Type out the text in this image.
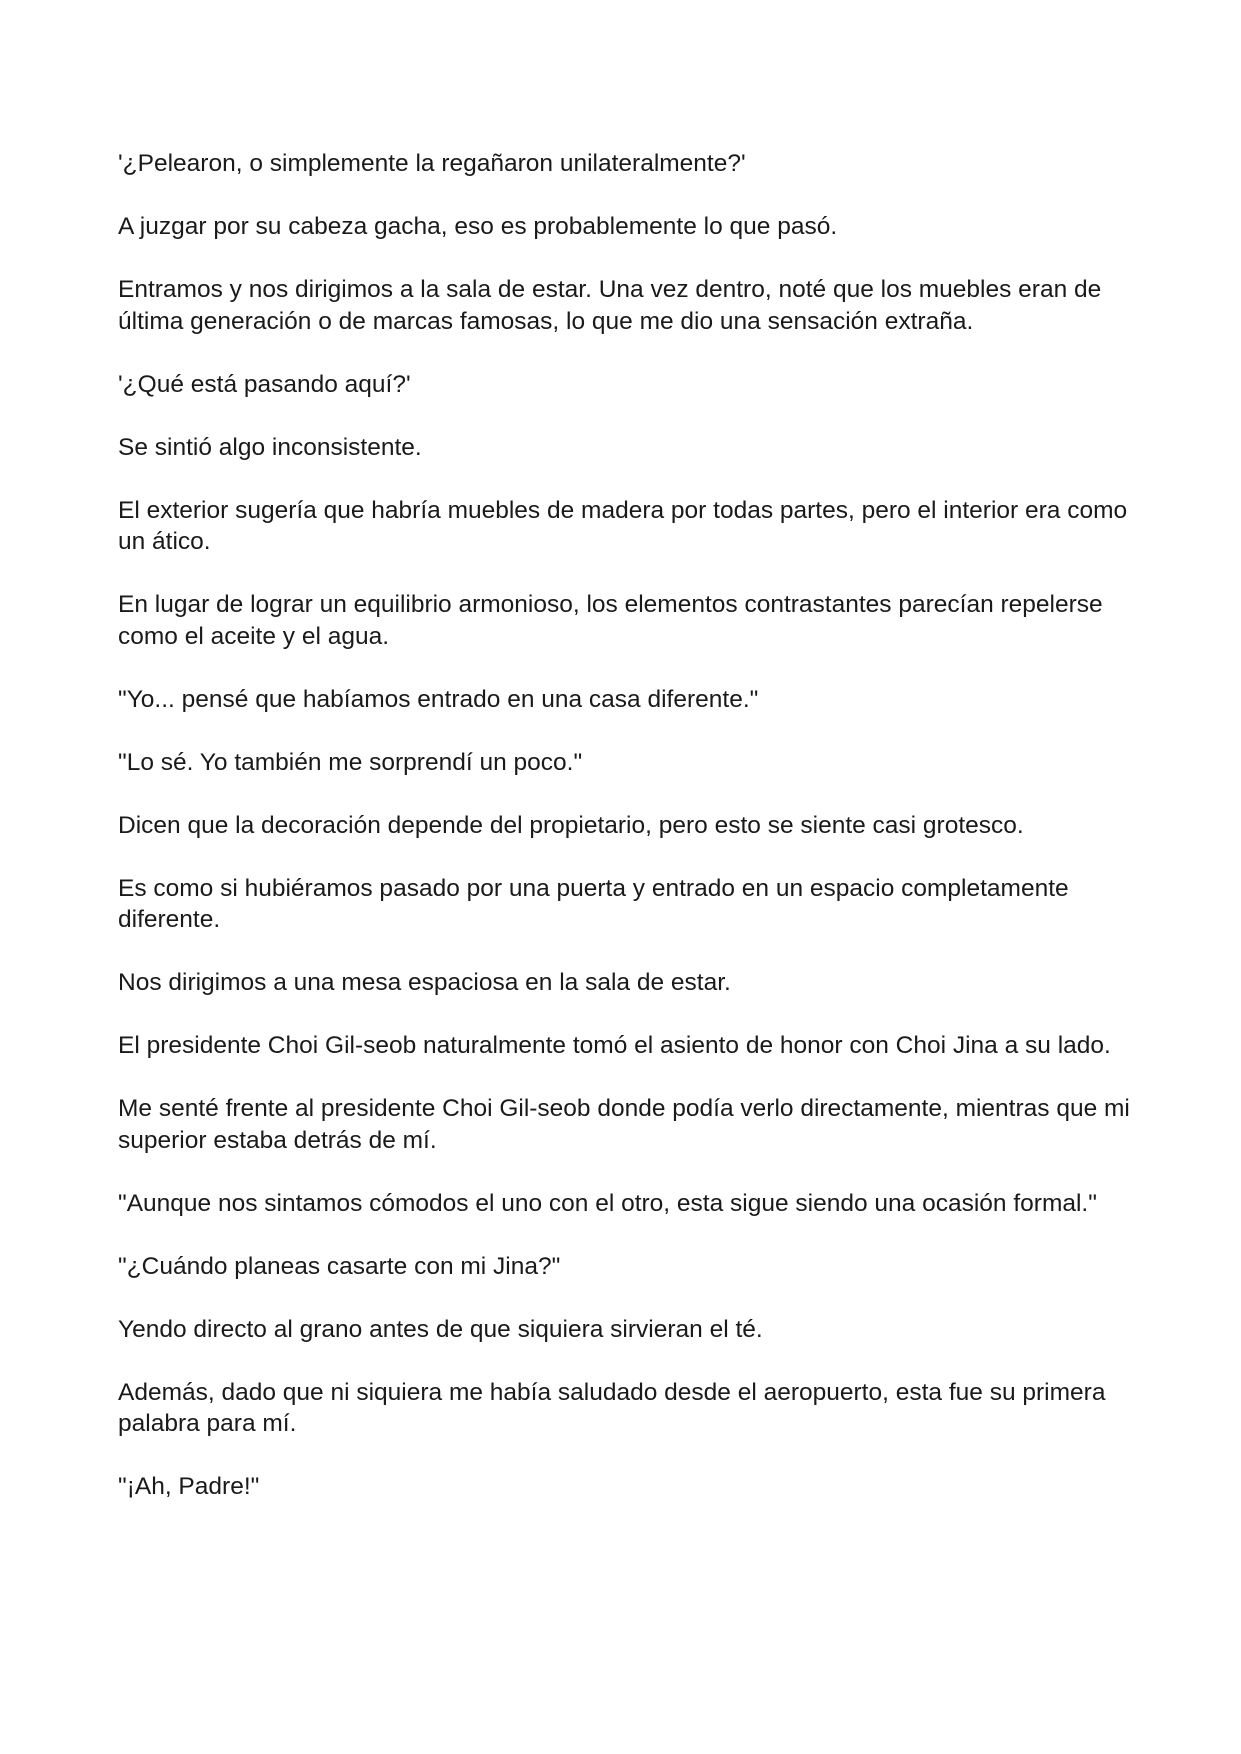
'¿Pelearon, o simplemente la regañaron unilateralmente?'

A juzgar por su cabeza gacha, eso es probablemente lo que pasó.

Entramos y nos dirigimos a la sala de estar. Una vez dentro, noté que los muebles eran de última generación o de marcas famosas, lo que me dio una sensación extraña.

'¿Qué está pasando aquí?'

Se sintió algo inconsistente.

El exterior sugería que habría muebles de madera por todas partes, pero el interior era como un ático.

En lugar de lograr un equilibrio armonioso, los elementos contrastantes parecían repelerse como el aceite y el agua.

"Yo... pensé que habíamos entrado en una casa diferente."

"Lo sé. Yo también me sorprendí un poco."

Dicen que la decoración depende del propietario, pero esto se siente casi grotesco.

Es como si hubiéramos pasado por una puerta y entrado en un espacio completamente diferente.

Nos dirigimos a una mesa espaciosa en la sala de estar.

El presidente Choi Gil-seob naturalmente tomó el asiento de honor con Choi Jina a su lado.

Me senté frente al presidente Choi Gil-seob donde podía verlo directamente, mientras que mi superior estaba detrás de mí.

"Aunque nos sintamos cómodos el uno con el otro, esta sigue siendo una ocasión formal."

"¿Cuándo planeas casarte con mi Jina?"

Yendo directo al grano antes de que siquiera sirvieran el té.

Además, dado que ni siquiera me había saludado desde el aeropuerto, esta fue su primera palabra para mí.

"¡Ah, Padre!"
